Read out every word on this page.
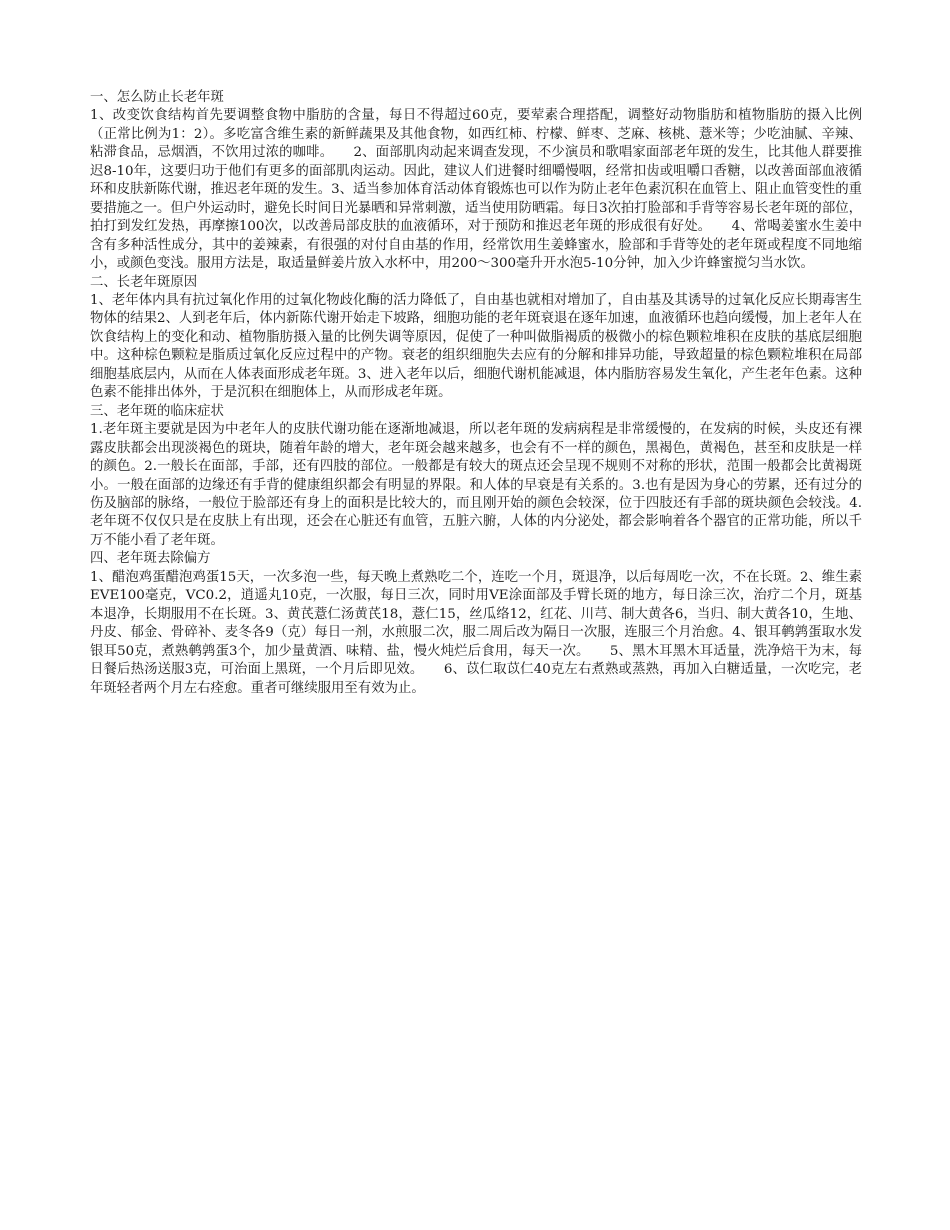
一、怎么防止长老年斑

1、改变饮食结构首先要调整食物中脂肪的含量，每日不得超过60克，要荤素合理搭配，调整好动物脂肪和植物脂肪的摄入比例（正常比例为1：2）。多吃富含维生素的新鲜蔬果及其他食物，如西红柿、柠檬、鲜枣、芝麻、核桃、薏米等；少吃油腻、辛辣、粘滞食品，忌烟酒，不饮用过浓的咖啡。　　2、面部肌肉动起来调查发现，不少演员和歌唱家面部老年斑的发生，比其他人群要推迟8-10年，这要归功于他们有更多的面部肌肉运动。因此，建议人们进餐时细嚼慢咽，经常扣齿或咀嚼口香糖，以改善面部血液循环和皮肤新陈代谢，推迟老年斑的发生。3、适当参加体育活动体育锻炼也可以作为防止老年色素沉积在血管上、阻止血管变性的重要措施之一。但户外运动时，避免长时间日光暴晒和异常刺激，适当使用防晒霜。每日3次拍打脸部和手背等容易长老年斑的部位，拍打到发红发热，再摩擦100次，以改善局部皮肤的血液循环，对于预防和推迟老年斑的形成很有好处。　　4、常喝姜蜜水生姜中含有多种活性成分，其中的姜辣素，有很强的对付自由基的作用，经常饮用生姜蜂蜜水，脸部和手背等处的老年斑或程度不同地缩小，或颜色变浅。服用方法是，取适量鲜姜片放入水杯中，用200～300毫升开水泡5-10分钟，加入少许蜂蜜搅匀当水饮。

二、长老年斑原因

1、老年体内具有抗过氧化作用的过氧化物歧化酶的活力降低了，自由基也就相对增加了，自由基及其诱导的过氧化反应长期毒害生物体的结果2、人到老年后，体内新陈代谢开始走下坡路，细胞功能的老年斑衰退在逐年加速，血液循环也趋向缓慢，加上老年人在饮食结构上的变化和动、植物脂肪摄入量的比例失调等原因，促使了一种叫做脂褐质的极微小的棕色颗粒堆积在皮肤的基底层细胞中。这种棕色颗粒是脂质过氧化反应过程中的产物。衰老的组织细胞失去应有的分解和排异功能，导致超量的棕色颗粒堆积在局部细胞基底层内，从而在人体表面形成老年斑。3、进入老年以后，细胞代谢机能减退，体内脂肪容易发生氧化，产生老年色素。这种色素不能排出体外，于是沉积在细胞体上，从而形成老年斑。

三、老年斑的临床症状

1.老年斑主要就是因为中老年人的皮肤代谢功能在逐渐地减退，所以老年斑的发病病程是非常缓慢的，在发病的时候，头皮还有裸露皮肤都会出现淡褐色的斑块，随着年龄的增大，老年斑会越来越多，也会有不一样的颜色，黑褐色，黄褐色，甚至和皮肤是一样的颜色。2.一般长在面部，手部，还有四肢的部位。一般都是有较大的斑点还会呈现不规则不对称的形状，范围一般都会比黄褐斑小。一般在面部的边缘还有手背的健康组织都会有明显的界限。和人体的早衰是有关系的。3.也有是因为身心的劳累，还有过分的伤及脑部的脉络，一般位于脸部还有身上的面积是比较大的，而且刚开始的颜色会较深，位于四肢还有手部的斑块颜色会较浅。4.老年斑不仅仅只是在皮肤上有出现，还会在心脏还有血管，五脏六腑，人体的内分泌处，都会影响着各个器官的正常功能，所以千万不能小看了老年斑。

四、老年斑去除偏方

1、醋泡鸡蛋醋泡鸡蛋15天，一次多泡一些，每天晚上煮熟吃二个，连吃一个月，斑退净，以后每周吃一次，不在长斑。2、维生素EVE100毫克，VC0.2，逍遥丸10克，一次服，每日三次，同时用VE涂面部及手臂长斑的地方，每日涂三次，治疗二个月，斑基本退净，长期服用不在长斑。3、黄芪薏仁汤黄芪18，薏仁15，丝瓜络12，红花、川芎、制大黄各6，当归、制大黄各10，生地、丹皮、郁金、骨碎补、麦冬各9（克）每日一剂，水煎服二次，服二周后改为隔日一次服，连服三个月治愈。4、银耳鹌鹑蛋取水发银耳50克，煮熟鹌鹑蛋3个，加少量黄酒、味精、盐，慢火炖烂后食用，每天一次。　　5、黑木耳黑木耳适量，洗净焙干为末，每日餐后热汤送服3克，可治面上黑斑，一个月后即见效。　　6、苡仁取苡仁40克左右煮熟或蒸熟，再加入白糖适量，一次吃完，老年斑轻者两个月左右痊愈。重者可继续服用至有效为止。
